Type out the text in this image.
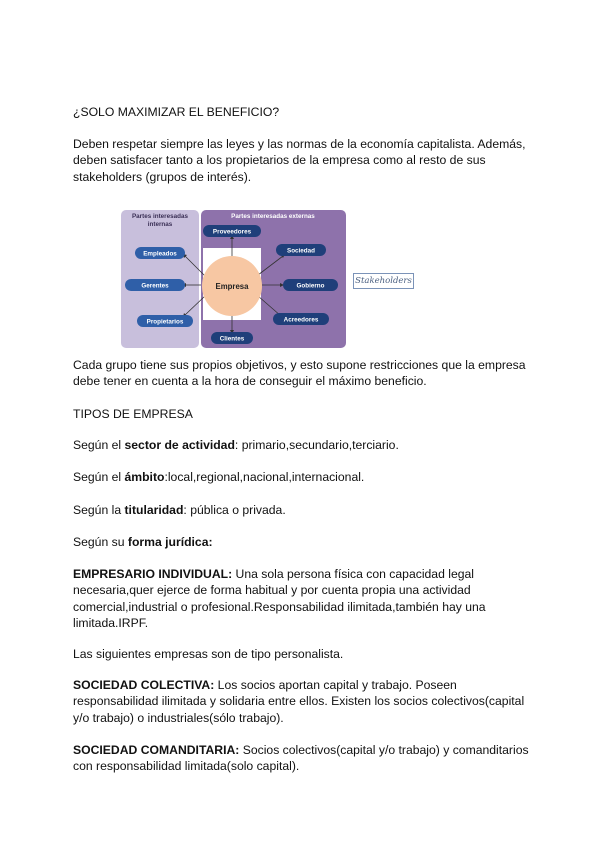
¿SOLO MAXIMIZAR EL BENEFICIO?

Deben respetar siempre las leyes y las normas de la economía capitalista. Además, deben satisfacer tanto a los propietarios de la empresa como al resto de sus stakeholders (grupos de interés).

Partes interesadas
internas
Partes interesadas externas
Empresa
Empleados
Gerentes
Propietarios
Proveedores
Sociedad
Gobierno
Acreedores
Clientes
Stakeholders

Cada grupo tiene sus propios objetivos, y esto supone restricciones que la empresa debe tener en cuenta a la hora de conseguir el máximo beneficio.

TIPOS DE EMPRESA

Según el sector de actividad: primario,secundario,terciario.

Según el ámbito:local,regional,nacional,internacional.

Según la titularidad: pública o privada.

Según su forma jurídica:

EMPRESARIO INDIVIDUAL: Una sola persona física con capacidad legal necesaria,quer ejerce de forma habitual y por cuenta propia una actividad comercial,industrial o profesional.Responsabilidad ilimitada,también hay una limitada.IRPF.

Las siguientes empresas son de tipo personalista.

SOCIEDAD COLECTIVA: Los socios aportan capital y trabajo. Poseen responsabilidad ilimitada y solidaria entre ellos. Existen los socios colectivos(capital y/o trabajo) o industriales(sólo trabajo).

SOCIEDAD COMANDITARIA: Socios colectivos(capital y/o trabajo) y comanditarios con responsabilidad limitada(solo capital).
